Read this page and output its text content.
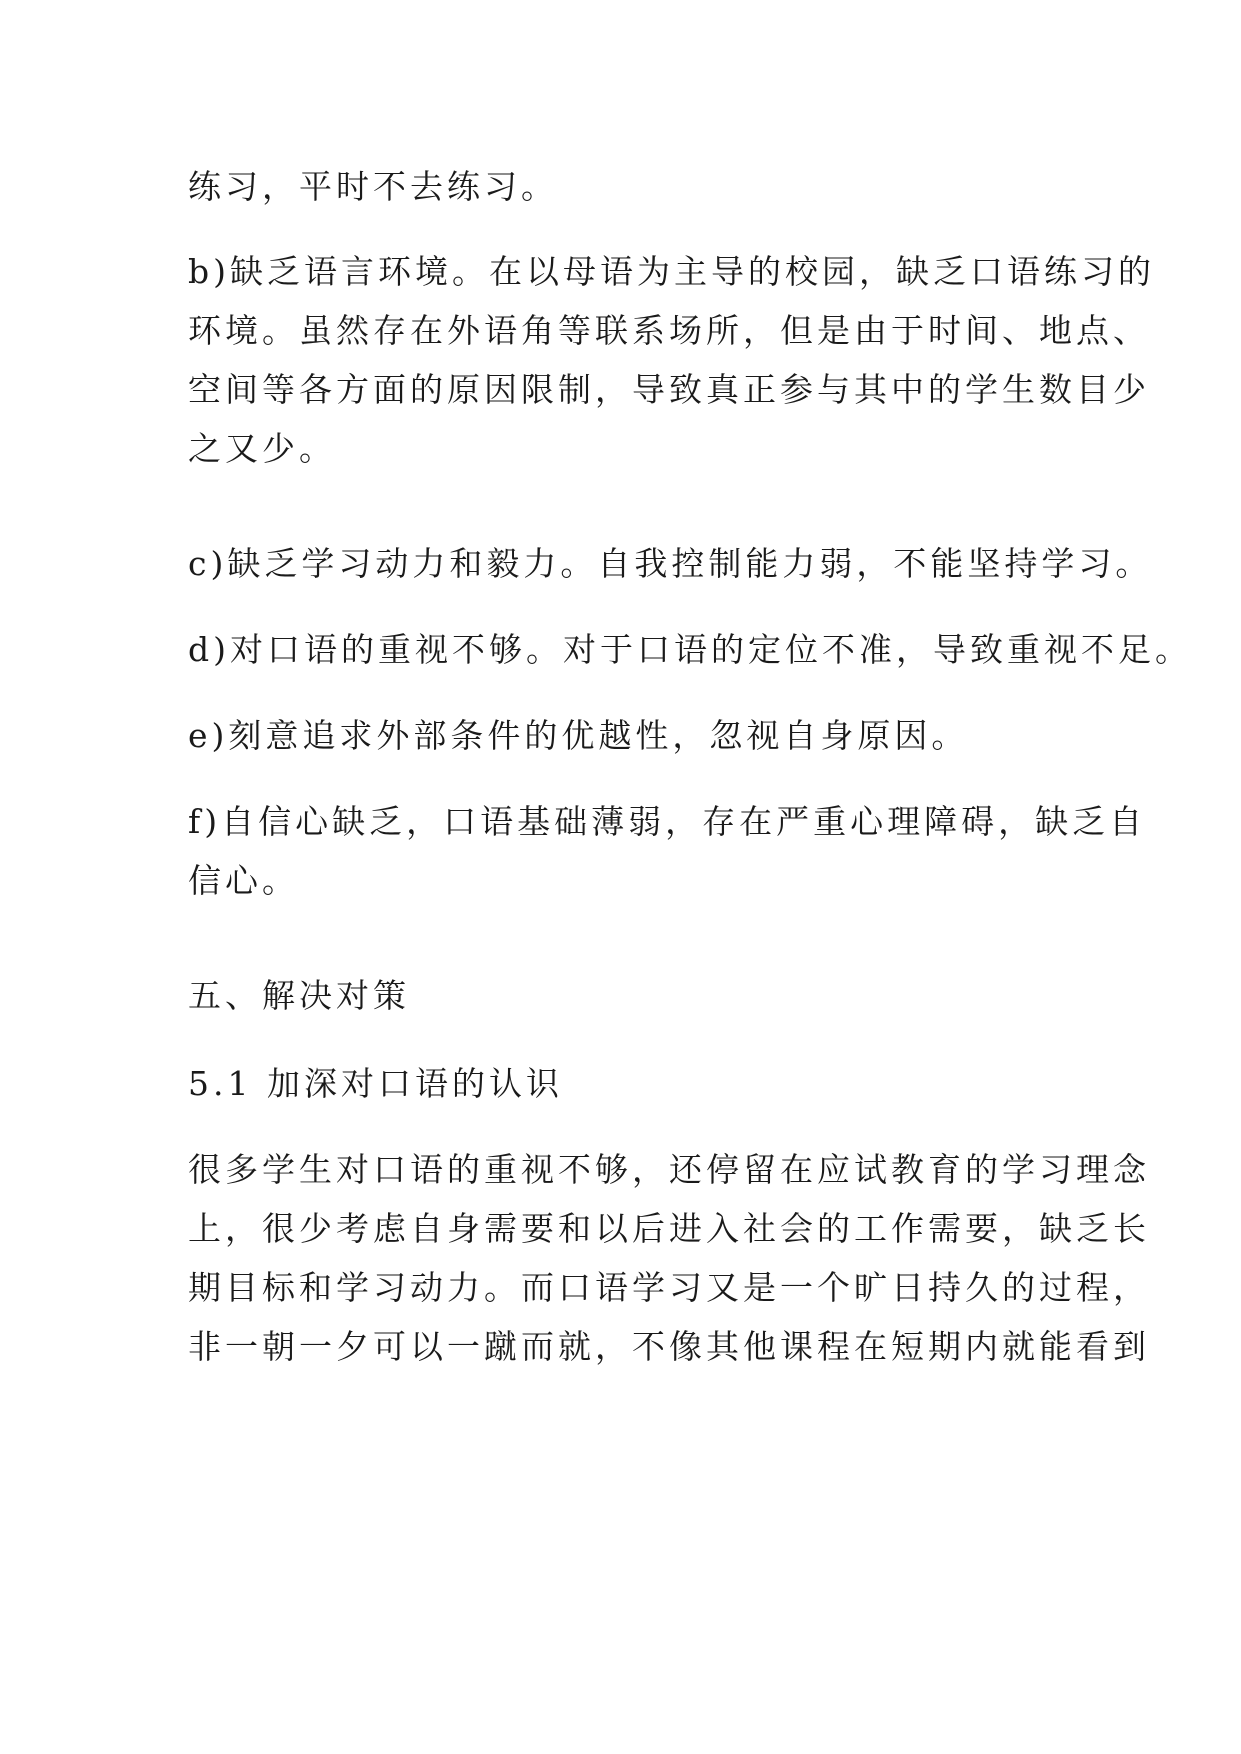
练习，平时不去练习。

b)缺乏语言环境。在以母语为主导的校园，缺乏口语练习的
环境。虽然存在外语角等联系场所，但是由于时间、地点、
空间等各方面的原因限制，导致真正参与其中的学生数目少
之又少。

c)缺乏学习动力和毅力。自我控制能力弱，不能坚持学习。

d)对口语的重视不够。对于口语的定位不准，导致重视不足。

e)刻意追求外部条件的优越性，忽视自身原因。

f)自信心缺乏，口语基础薄弱，存在严重心理障碍，缺乏自
信心。

五、解决对策

5.1 加深对口语的认识

很多学生对口语的重视不够，还停留在应试教育的学习理念
上，很少考虑自身需要和以后进入社会的工作需要，缺乏长
期目标和学习动力。而口语学习又是一个旷日持久的过程，
非一朝一夕可以一蹴而就，不像其他课程在短期内就能看到
